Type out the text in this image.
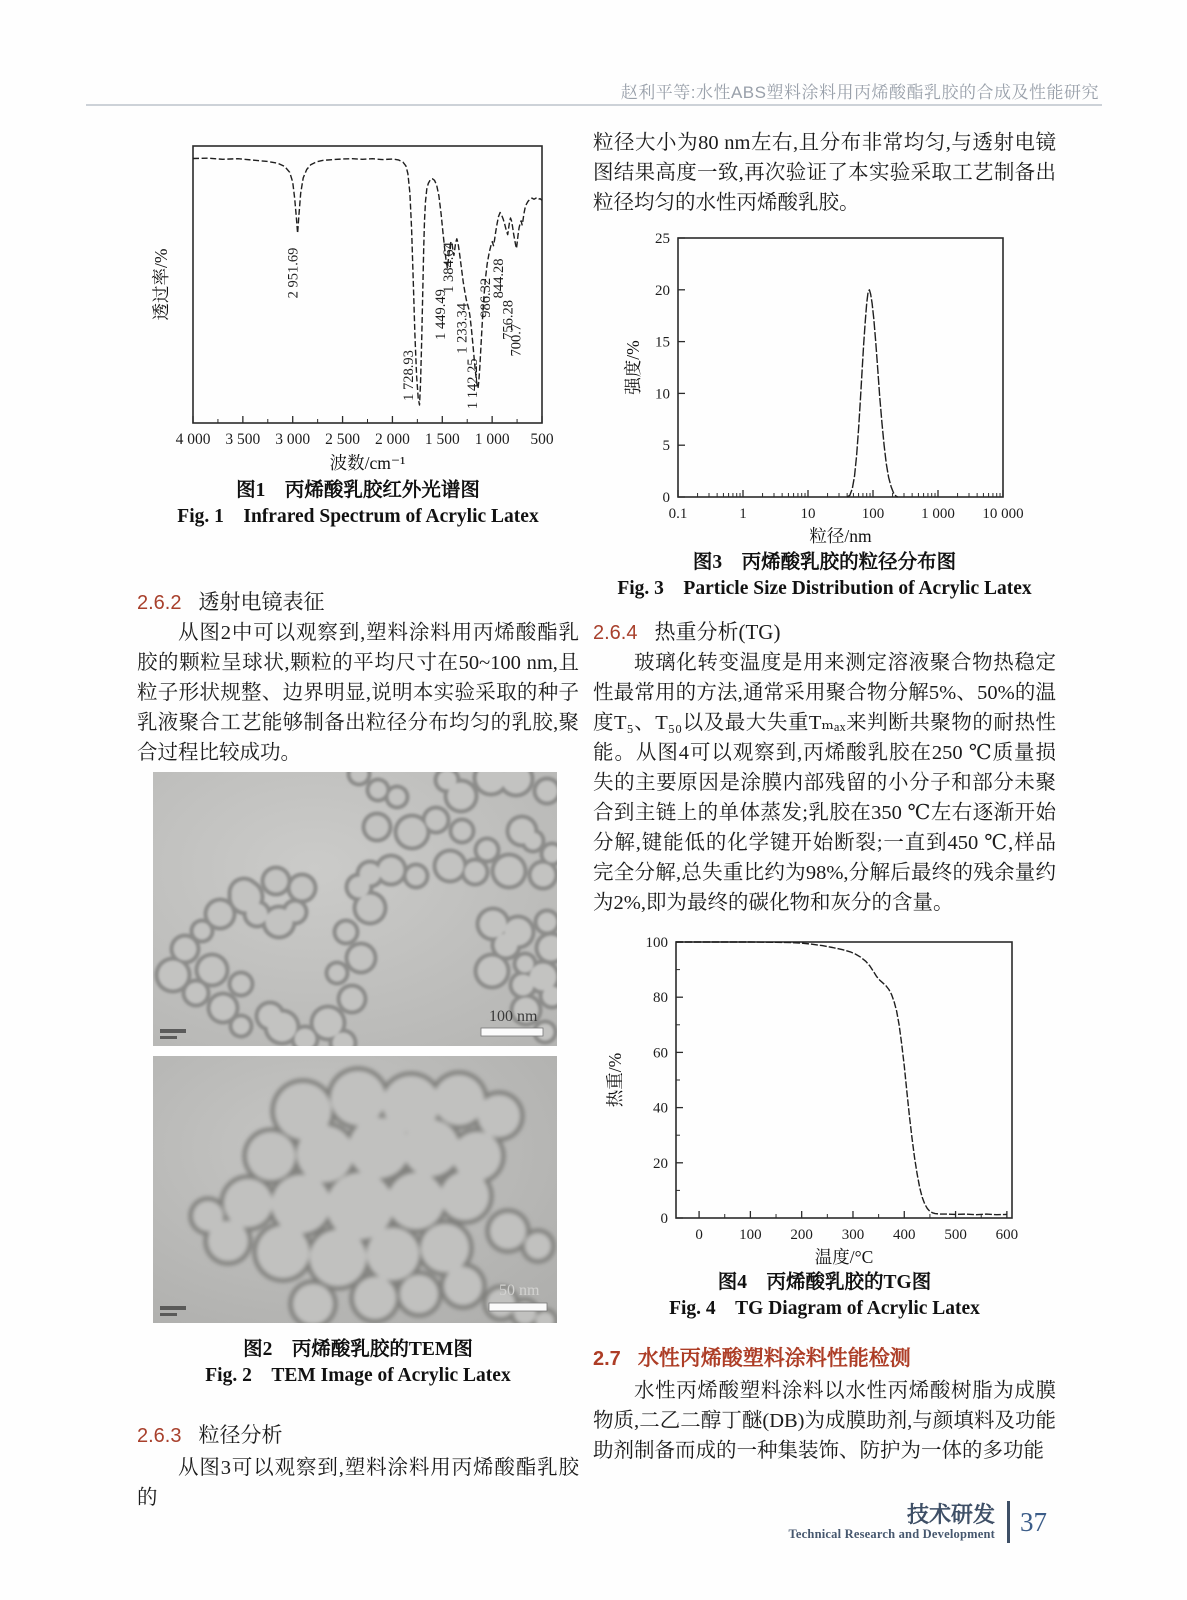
赵利平等:水性ABS塑料涂料用丙烯酸酯乳胶的合成及性能研究
4 000 3 500 3 000 2 500 2 000 1 500 1 000 500
2 951.69
1 728.93
1 449.49
1 384.64
1 233.34
1 142.25
986.32
844.28
756.28
700.7
波数/cm⁻¹
透过率/%
图1　丙烯酸乳胶红外光谱图
Fig. 1　Infrared Spectrum of Acrylic Latex
2.6.2 透射电镜表征

从图2中可以观察到,塑料涂料用丙烯酸酯乳胶的颗粒呈球状,颗粒的平均尺寸在50~100 nm,且粒子形状规整、边界明显,说明本实验采取的种子乳液聚合工艺能够制备出粒径分布均匀的乳胶,聚合过程比较成功。

100 nm
50 nm
图2　丙烯酸乳胶的TEM图
Fig. 2　TEM Image of Acrylic Latex
2.6.3 粒径分析

从图3可以观察到,塑料涂料用丙烯酸酯乳胶的

粒径大小为80 nm左右,且分布非常均匀,与透射电镜图结果高度一致,再次验证了本实验采取工艺制备出粒径均匀的水性丙烯酸乳胶。

0.1	1	10	100 1 000 10 000
0
5
10
15
20
25
粒径/nm
强度/%
图3　丙烯酸乳胶的粒径分布图
Fig. 3　Particle Size Distribution of Acrylic Latex
2.6.4 热重分析(TG)

玻璃化转变温度是用来测定溶液聚合物热稳定性最常用的方法,通常采用聚合物分解5%、50%的温度T₅、T₅₀以及最大失重Tₘₐₓ来判断共聚物的耐热性能。从图4可以观察到,丙烯酸乳胶在250 ℃质量损失的主要原因是涂膜内部残留的小分子和部分未聚合到主链上的单体蒸发;乳胶在350 ℃左右逐渐开始分解,键能低的化学键开始断裂;一直到450 ℃,样品完全分解,总失重比约为98%,分解后最终的残余量约为2%,即为最终的碳化物和灰分的含量。

0 100 200 300 400 500 600
0
20
40
60
80
100
温度/°C
热重/%
图4　丙烯酸乳胶的TG图
Fig. 4　TG Diagram of Acrylic Latex
2.7 水性丙烯酸塑料涂料性能检测

水性丙烯酸塑料涂料以水性丙烯酸树脂为成膜物质,二乙二醇丁醚(DB)为成膜助剂,与颜填料及功能助剂制备而成的一种集装饰、防护为一体的多功能

技术研发
Technical Research and Development 37
